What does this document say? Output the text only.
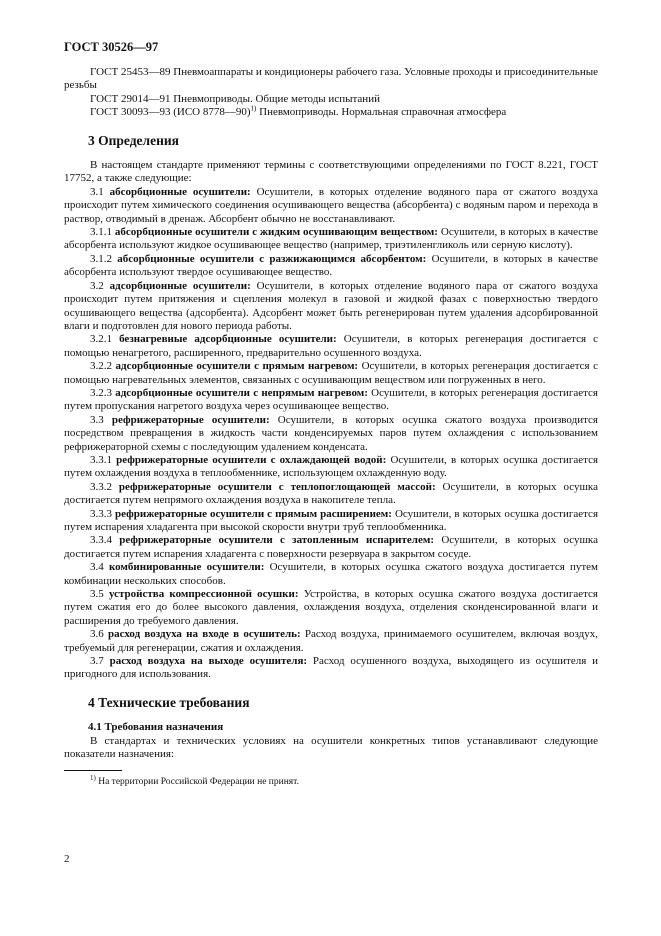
ГОСТ 30526—97

ГОСТ 25453—89 Пневмоаппараты и кондиционеры рабочего газа. Условные проходы и присоединительные резьбы

ГОСТ 29014—91 Пневмоприводы. Общие методы испытаний

ГОСТ 30093—93 (ИСО 8778—90)$^{1)}$ Пневмоприводы. Нормальная справочная атмосфера

3 Определения

В настоящем стандарте применяют термины с соответствующими определениями по ГОСТ 8.221, ГОСТ 17752, а также следующие:

3.1 абсорбционные осушители: Осушители, в которых отделение водяного пара от сжатого воздуха происходит путем химического соединения осушивающего вещества (абсорбента) с водяным паром и перехода в раствор, отводимый в дренаж. Абсорбент обычно не восстанавливают.

3.1.1 абсорбционные осушители с жидким осушивающим веществом: Осушители, в которых в качестве абсорбента используют жидкое осушивающее вещество (например, триэтиленгликоль или серную кислоту).

3.1.2 абсорбционные осушители с разжижающимся абсорбентом: Осушители, в которых в качестве абсорбента используют твердое осушивающее вещество.

3.2 адсорбционные осушители: Осушители, в которых отделение водяного пара от сжатого воздуха происходит путем притяжения и сцепления молекул в газовой и жидкой фазах с поверхностью твердого осушивающего вещества (адсорбента). Адсорбент может быть регенерирован путем удаления адсорбированной влаги и подготовлен для нового периода работы.

3.2.1 безнагревные адсорбционные осушители: Осушители, в которых регенерация достигается с помощью ненагретого, расширенного, предварительно осушенного воздуха.

3.2.2 адсорбционные осушители с прямым нагревом: Осушители, в которых регенерация достигается с помощью нагревательных элементов, связанных с осушивающим веществом или погруженных в него.

3.2.3 адсорбционные осушители с непрямым нагревом: Осушители, в которых регенерация достигается путем пропускания нагретого воздуха через осушивающее вещество.

3.3 рефрижераторные осушители: Осушители, в которых осушка сжатого воздуха производится посредством превращения в жидкость части конденсируемых паров путем охлаждения с использованием рефрижераторной схемы с последующим удалением конденсата.

3.3.1 рефрижераторные осушители с охлаждающей водой: Осушители, в которых осушка достигается путем охлаждения воздуха в теплообменнике, использующем охлажденную воду.

3.3.2 рефрижераторные осушители с теплопоглощающей массой: Осушители, в которых осушка достигается путем непрямого охлаждения воздуха в накопителе тепла.

3.3.3 рефрижераторные осушители с прямым расширением: Осушители, в которых осушка достигается путем испарения хладагента при высокой скорости внутри труб теплообменника.

3.3.4 рефрижераторные осушители с затопленным испарителем: Осушители, в которых осушка достигается путем испарения хладагента с поверхности резервуара в закрытом сосуде.

3.4 комбинированные осушители: Осушители, в которых осушка сжатого воздуха достигается путем комбинации нескольких способов.

3.5 устройства компрессионной осушки: Устройства, в которых осушка сжатого воздуха достигается путем сжатия его до более высокого давления, охлаждения воздуха, отделения сконденсированной влаги и расширения до требуемого давления.

3.6 расход воздуха на входе в осушитель: Расход воздуха, принимаемого осушителем, включая воздух, требуемый для регенерации, сжатия и охлаждения.

3.7 расход воздуха на выходе осушителя: Расход осушенного воздуха, выходящего из осушителя и пригодного для использования.

4 Технические требования
4.1 Требования назначения

В стандартах и технических условиях на осушители конкретных типов устанавливают следующие показатели назначения:

$^{1)}$ На территории Российской Федерации не принят.
2
